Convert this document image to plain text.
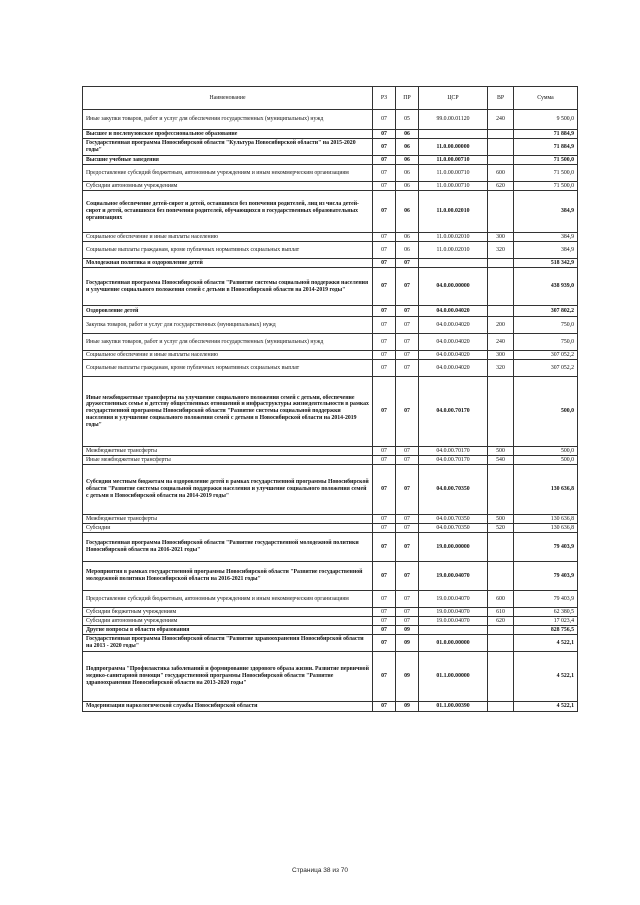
Наименование	РЗ	ПР	ЦСР	ВР	Сумма
Иные закупки товаров, работ и услуг для обеспечения государственных (муниципальных) нужд	07	05	99.0.00.01120	240	9 500,0
Высшее и послевузовское профессиональное образование	07	06			71 884,9
Государственная программа Новосибирской области "Культура Новосибирской области" на 2015-2020 годы"	07	06	11.0.00.00000		71 884,9
Высшие учебные заведения	07	06	11.0.00.00710		71 500,0
Предоставление субсидий бюджетным, автономным учреждениям и иным некоммерческим организациям	07	06	11.0.00.00710	600	71 500,0
Субсидии автономным учреждениям	07	06	11.0.00.00710	620	71 500,0
Социальное обеспечение детей-сирот и детей, оставшихся без попечения родителей, лиц из числа детей-сирот и детей, оставшихся без попечения родителей, обучающихся в государственных образовательных организациях	07	06	11.0.00.02010		384,9
Социальное обеспечение и иные выплаты населению	07	06	11.0.00.02010	300	384,9
Социальные выплаты гражданам, кроме публичных нормативных социальных выплат	07	06	11.0.00.02010	320	384,9
Молодежная политика и оздоровление детей	07	07			518 342,9
Государственная программа Новосибирской области "Развитие системы социальной поддержки населения и улучшение социального положения семей с детьми в Новосибирской области на 2014-2019 годы"	07	07	04.0.00.00000		438 939,0
Оздоровление детей	07	07	04.0.00.04020		307 802,2
Закупка товаров, работ и услуг для государственных (муниципальных) нужд	07	07	04.0.00.04020	200	750,0
Иные закупки товаров, работ и услуг для обеспечения государственных (муниципальных) нужд	07	07	04.0.00.04020	240	750,0
Социальное обеспечение и иные выплаты населению	07	07	04.0.00.04020	300	307 052,2
Социальные выплаты гражданам, кроме публичных нормативных социальных выплат	07	07	04.0.00.04020	320	307 052,2
Иные межбюджетные трансферты на улучшение социального положения семей с детьми, обеспечение дружественных семье и детству общественных отношений и инфраструктуры жизнедеятельности в рамках государственной программы Новосибирской области "Развитие системы социальной поддержки населения и улучшение социального положения семей с детьми в Новосибирской области на 2014-2019 годы"	07	07	04.0.00.70170		500,0
Межбюджетные трансферты	07	07	04.0.00.70170	500	500,0
Иные межбюджетные трансферты	07	07	04.0.00.70170	540	500,0
Субсидии местным бюджетам на оздоровление детей в рамках государственной программы Новосибирской области "Развитие системы социальной поддержки населения и улучшение социального положения семей с детьми в Новосибирской области на 2014-2019 годы"	07	07	04.0.00.70350		130 636,8
Межбюджетные трансферты	07	07	04.0.00.70350	500	130 636,8
Субсидии	07	07	04.0.00.70350	520	130 636,8
Государственная программа Новосибирской области "Развитие государственной молодежной политики Новосибирской области на 2016-2021 годы"	07	07	19.0.00.00000		79 403,9
Мероприятия в рамках государственной программы Новосибирской области "Развитие государственной молодежной политики Новосибирской области на 2016-2021 годы"	07	07	19.0.00.04070		79 403,9
Предоставление субсидий бюджетным, автономным учреждениям и иным некоммерческим организациям	07	07	19.0.00.04070	600	79 403,9
Субсидии бюджетным учреждениям	07	07	19.0.00.04070	610	62 380,5
Субсидии автономным учреждениям	07	07	19.0.00.04070	620	17 023,4
Другие вопросы в области образования	07	09			828 756,5
Государственная программа Новосибирской области "Развитие здравоохранения Новосибирской области на 2013 - 2020 годы"	07	09	01.0.00.00000		4 522,1
Подпрограмма "Профилактика заболеваний и формирование здорового образа жизни. Развитие первичной медико-санитарной помощи" государственной программы Новосибирской области "Развитие здравоохранения Новосибирской области на 2013-2020 годы"	07	09	01.1.00.00000		4 522,1
Модернизация наркологической службы Новосибирской области	07	09	01.1.00.00390		4 522,1
Страница 38 из 70
